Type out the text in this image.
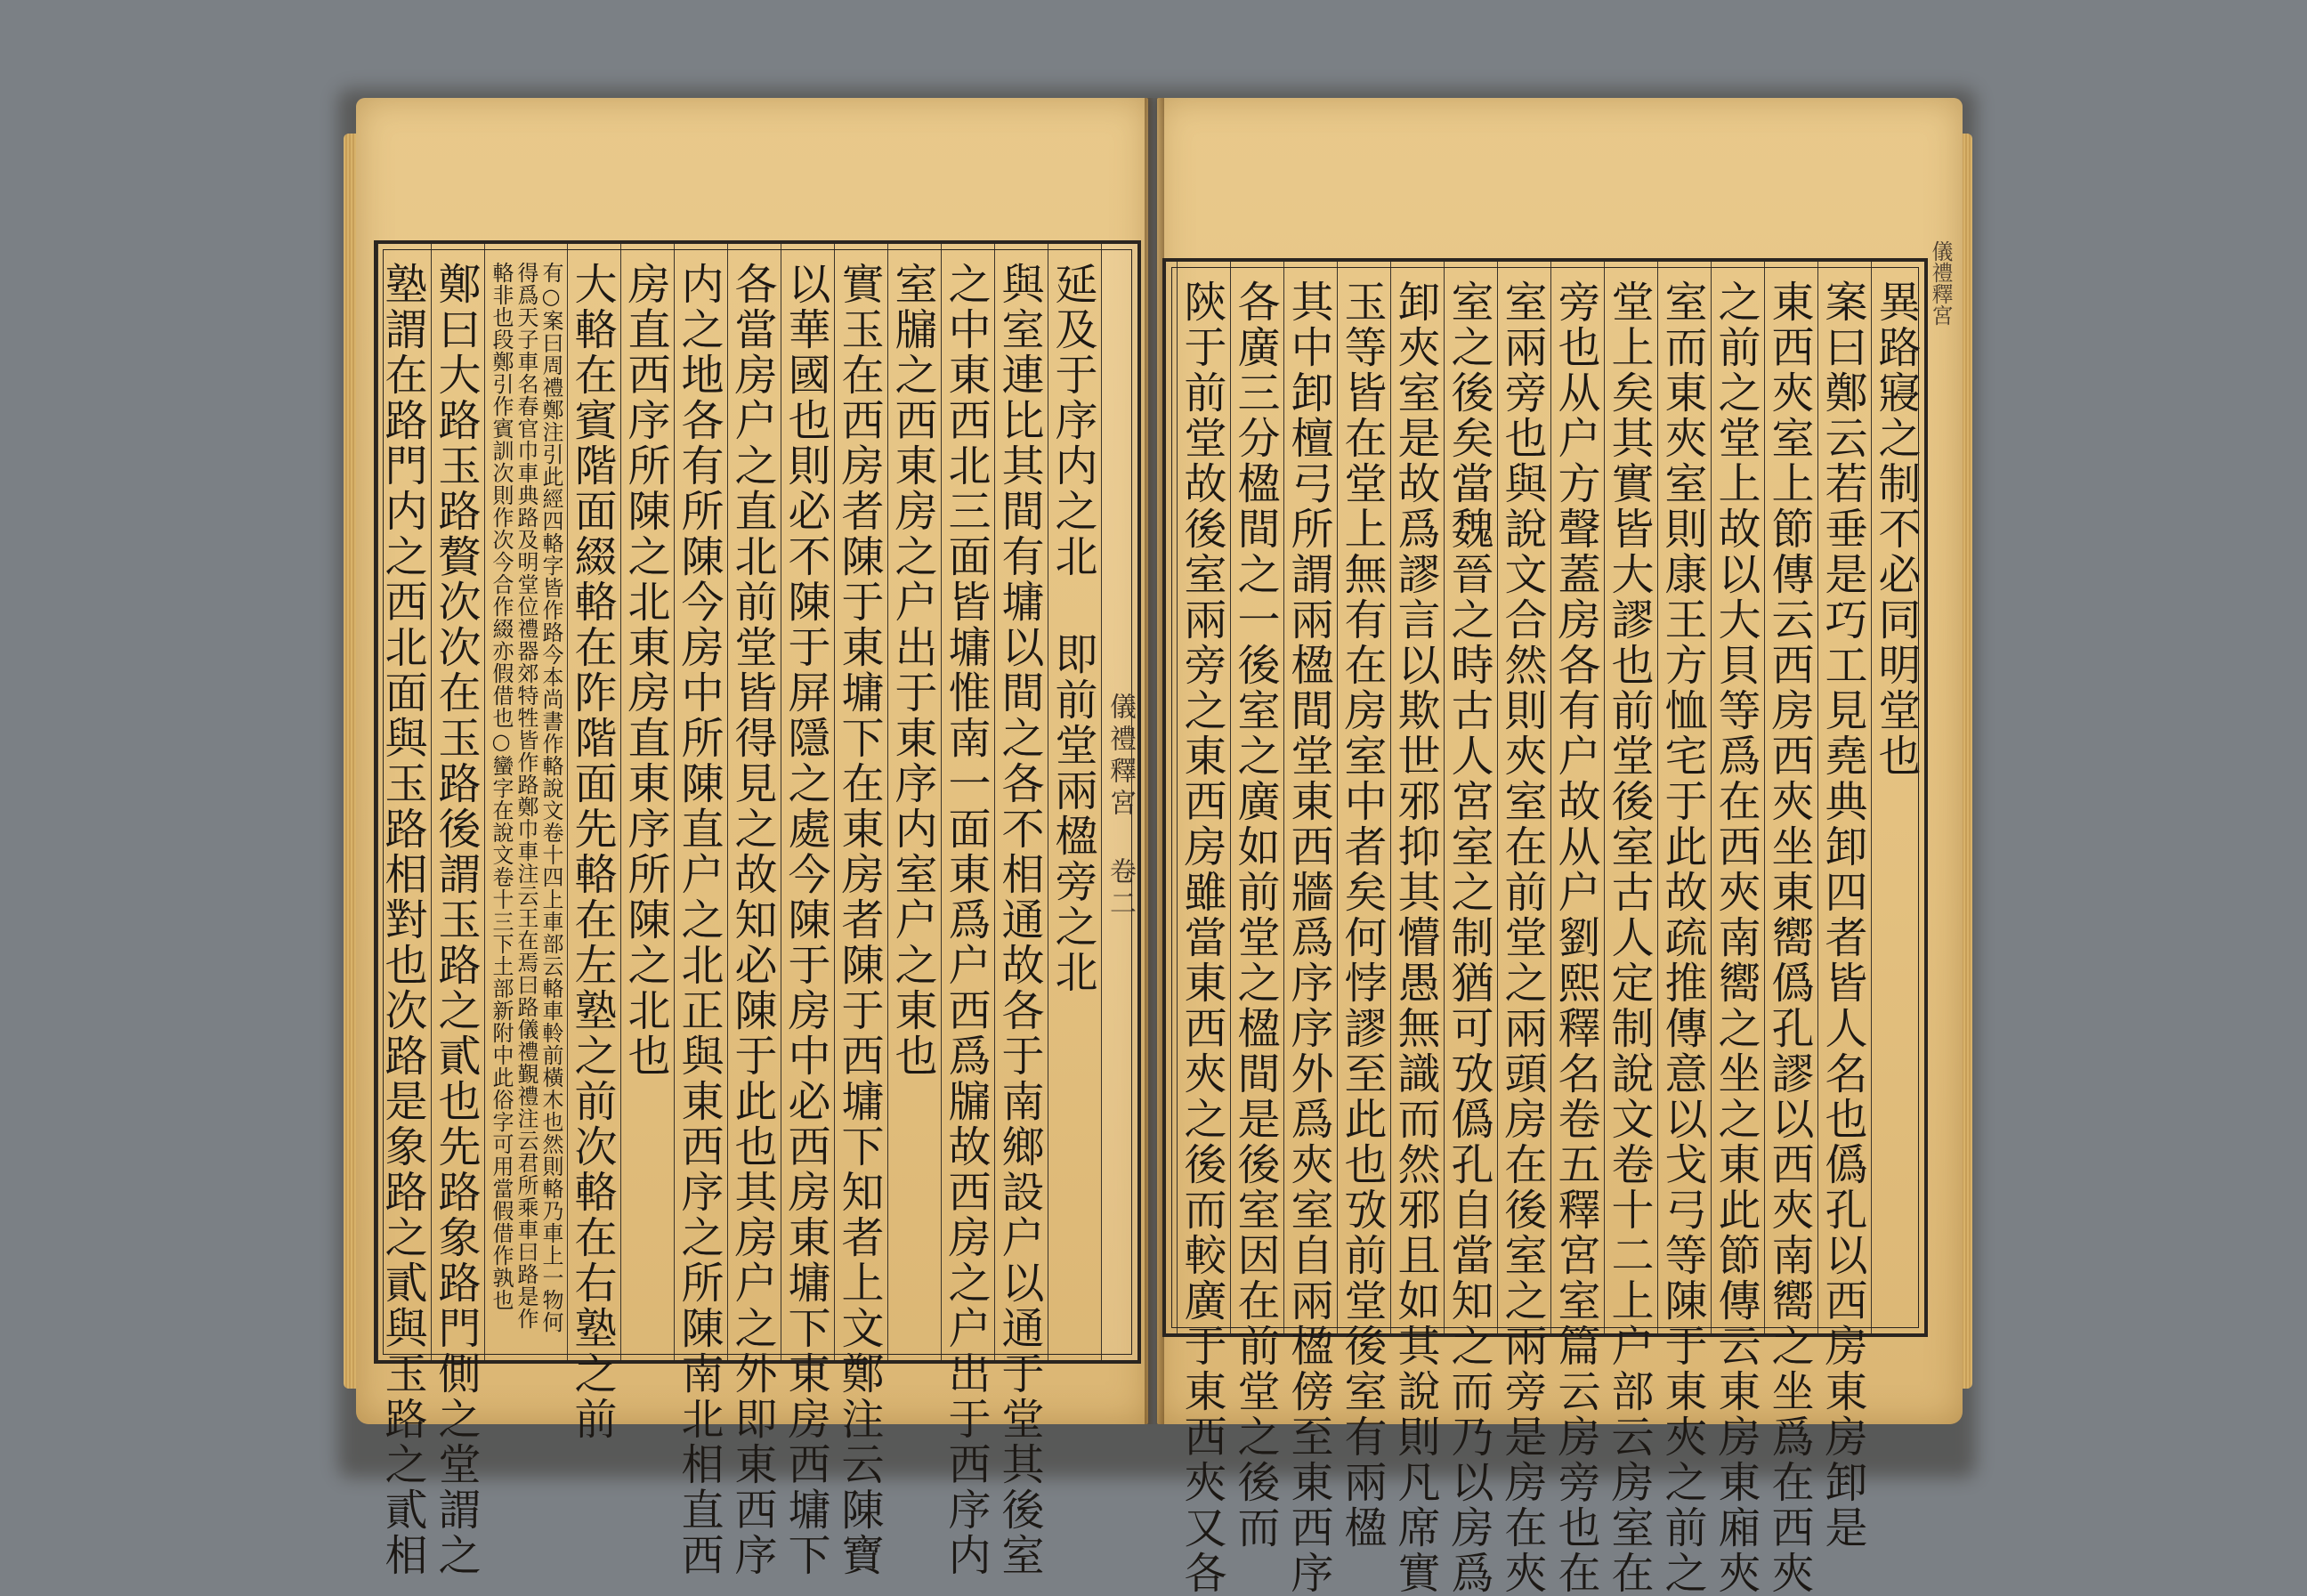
儀禮釋宮 卷二
延及于序内之北 即前堂兩楹旁之北
與室連比其間有墉以間之各不相通故各于南鄉設户以通于堂其後室
之中東西北三面皆墉惟南一面東爲户西爲牖故西房之户出于西序内
室牖之西東房之户出于東序内室户之東也
實玉在西房者陳于東墉下在東房者陳于西墉下知者上文鄭注云陳寶
以華國也則必不陳于屏隱之處今陳于房中必西房東墉下東房西墉下
各當房户之直北前堂皆得見之故知必陳于此也其房户之外即東西序
内之地各有所陳今房中所陳直户之北正與東西序之所陳南北相直西
房直西序所陳之北東房直東序所陳之北也
大輅在賓階面綴輅在阼階面先輅在左塾之前次輅在右塾之前
有○案曰周禮鄭注引此經四輅字皆作路今本尚書作輅說文卷十四上車部云輅車軨前橫木也然則輅乃車上一物何得爲天子車名春官巾車典路及明堂位禮器郊特牲皆作路鄭巾車注云王在焉曰路儀禮覲禮注云君所乘車曰路是作輅非也段鄭引作賓訓次則作次今合作綴亦假借也○蠻字在說文卷十三下土部新附中此俗字可用當假借作孰也
鄭曰大路玉路贅次次在玉路後謂玉路之貳也先路象路門側之堂謂之
塾謂在路門内之西北面與玉路相對也次路是象路之貳與玉路之貳相	異路寢之制不必同明堂也
案曰鄭云若垂是巧工見堯典卸四者皆人名也僞孔以西房東房卸是
東西夾室上節傳云西房西夾坐東嚮僞孔謬以西夾南嚮之坐爲在西夾
之前之堂上故以大貝等爲在西夾南嚮之坐之東此節傳云東房東廂夾
室而東夾室則康王方恤宅于此故疏推傳意以戈弓等陳于東夾之前之
堂上矣其實皆大謬也前堂後室古人定制說文卷十二上户部云房室在
旁也从户方聲蓋房各有户故从户劉熙釋名卷五釋宮室篇云房旁也在
室兩旁也與說文合然則夾室在前堂之兩頭房在後室之兩旁是房在夾
室之後矣當魏晉之時古人宮室之制猶可攷僞孔自當知之而乃以房爲
卸夾室是故爲謬言以欺世邪抑其懵愚無識而然邪且如其說則凡席實
玉等皆在堂上無有在房室中者矣何悖謬至此也攷前堂後室有兩楹
其中卸檀弓所謂兩楹間堂東西牆爲序序外爲夾室自兩楹傍至東西序
各廣三分楹間之一後室之廣如前堂之楹間是後室因在前堂之後而
陝于前堂故後室兩旁之東西房雖當東西夾之後而較廣于東西夾又各	儀禮釋宮
